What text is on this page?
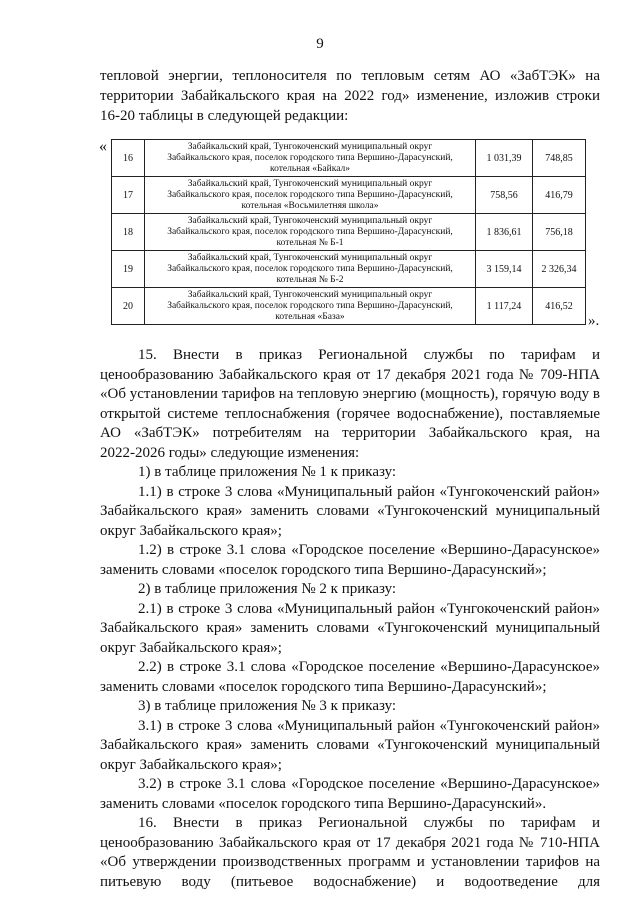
9
тепловой энергии, теплоносителя по тепловым сетям АО «ЗабТЭК» на
территории Забайкальского края на 2022 год» изменение, изложив строки
16-20 таблицы в следующей редакции:
«
16	Забайкальский край, Тунгокоченский муниципальный округ
Забайкальского края, поселок городского типа Вершино-Дарасунский,
котельная «Байкал»	1 031,39	748,85
17	Забайкальский край, Тунгокоченский муниципальный округ
Забайкальского края, поселок городского типа Вершино-Дарасунский,
котельная «Восьмилетняя школа»	758,56	416,79
18	Забайкальский край, Тунгокоченский муниципальный округ
Забайкальского края, поселок городского типа Вершино-Дарасунский,
котельная № Б-1	1 836,61	756,18
19	Забайкальский край, Тунгокоченский муниципальный округ
Забайкальского края, поселок городского типа Вершино-Дарасунский,
котельная № Б-2	3 159,14	2 326,34
20	Забайкальский край, Тунгокоченский муниципальный округ
Забайкальского края, поселок городского типа Вершино-Дарасунский,
котельная «База»	1 117,24	416,52
».
15. Внести в приказ Региональной службы по тарифам и
ценообразованию Забайкальского края от 17 декабря 2021 года № 709-НПА
«Об установлении тарифов на тепловую энергию (мощность), горячую воду в
открытой системе теплоснабжения (горячее водоснабжение), поставляемые
АО «ЗабТЭК» потребителям на территории Забайкальского края, на
2022-2026 годы» следующие изменения:
1) в таблице приложения № 1 к приказу:
1.1) в строке 3 слова «Муниципальный район «Тунгокоченский район»
Забайкальского края» заменить словами «Тунгокоченский муниципальный
округ Забайкальского края»;
1.2) в строке 3.1 слова «Городское поселение «Вершино-Дарасунское»
заменить словами «поселок городского типа Вершино-Дарасунский»;
2) в таблице приложения № 2 к приказу:
2.1) в строке 3 слова «Муниципальный район «Тунгокоченский район»
Забайкальского края» заменить словами «Тунгокоченский муниципальный
округ Забайкальского края»;
2.2) в строке 3.1 слова «Городское поселение «Вершино-Дарасунское»
заменить словами «поселок городского типа Вершино-Дарасунский»;
3) в таблице приложения № 3 к приказу:
3.1) в строке 3 слова «Муниципальный район «Тунгокоченский район»
Забайкальского края» заменить словами «Тунгокоченский муниципальный
округ Забайкальского края»;
3.2) в строке 3.1 слова «Городское поселение «Вершино-Дарасунское»
заменить словами «поселок городского типа Вершино-Дарасунский».
16. Внести в приказ Региональной службы по тарифам и
ценообразованию Забайкальского края от 17 декабря 2021 года № 710-НПА
«Об утверждении производственных программ и установлении тарифов на
питьевую воду (питьевое водоснабжение) и водоотведение для
